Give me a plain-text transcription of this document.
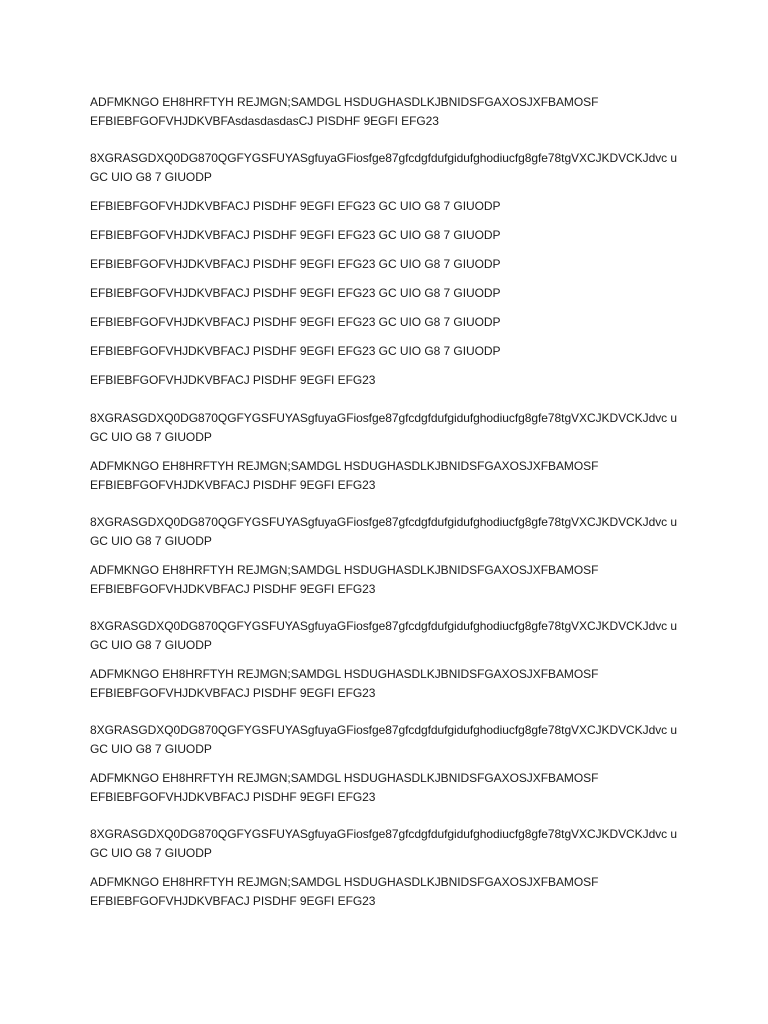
ADFMKNGO EH8HRFTYH REJMGN;SAMDGL HSDUGHASDLKJBNIDSFGAXOSJXFBAMOSF
EFBIEBFGOFVHJDKVBFAsdasdasdasCJ PISDHF 9EGFI EFG23

8XGRASGDXQ0DG870QGFYGSFUYASgfuyaGFiosfge87gfcdgfdufgidufghodiucfg8gfe78tgVXCJKDVCKJdvc u
GC UIO G8 7 GIUODP

EFBIEBFGOFVHJDKVBFACJ PISDHF 9EGFI EFG23 GC UIO G8 7 GIUODP

EFBIEBFGOFVHJDKVBFACJ PISDHF 9EGFI EFG23 GC UIO G8 7 GIUODP

EFBIEBFGOFVHJDKVBFACJ PISDHF 9EGFI EFG23 GC UIO G8 7 GIUODP

EFBIEBFGOFVHJDKVBFACJ PISDHF 9EGFI EFG23 GC UIO G8 7 GIUODP

EFBIEBFGOFVHJDKVBFACJ PISDHF 9EGFI EFG23 GC UIO G8 7 GIUODP

EFBIEBFGOFVHJDKVBFACJ PISDHF 9EGFI EFG23 GC UIO G8 7 GIUODP

EFBIEBFGOFVHJDKVBFACJ PISDHF 9EGFI EFG23

8XGRASGDXQ0DG870QGFYGSFUYASgfuyaGFiosfge87gfcdgfdufgidufghodiucfg8gfe78tgVXCJKDVCKJdvc u
GC UIO G8 7 GIUODP

ADFMKNGO EH8HRFTYH REJMGN;SAMDGL HSDUGHASDLKJBNIDSFGAXOSJXFBAMOSF
EFBIEBFGOFVHJDKVBFACJ PISDHF 9EGFI EFG23

8XGRASGDXQ0DG870QGFYGSFUYASgfuyaGFiosfge87gfcdgfdufgidufghodiucfg8gfe78tgVXCJKDVCKJdvc u
GC UIO G8 7 GIUODP

ADFMKNGO EH8HRFTYH REJMGN;SAMDGL HSDUGHASDLKJBNIDSFGAXOSJXFBAMOSF
EFBIEBFGOFVHJDKVBFACJ PISDHF 9EGFI EFG23

8XGRASGDXQ0DG870QGFYGSFUYASgfuyaGFiosfge87gfcdgfdufgidufghodiucfg8gfe78tgVXCJKDVCKJdvc u
GC UIO G8 7 GIUODP

ADFMKNGO EH8HRFTYH REJMGN;SAMDGL HSDUGHASDLKJBNIDSFGAXOSJXFBAMOSF
EFBIEBFGOFVHJDKVBFACJ PISDHF 9EGFI EFG23

8XGRASGDXQ0DG870QGFYGSFUYASgfuyaGFiosfge87gfcdgfdufgidufghodiucfg8gfe78tgVXCJKDVCKJdvc u
GC UIO G8 7 GIUODP

ADFMKNGO EH8HRFTYH REJMGN;SAMDGL HSDUGHASDLKJBNIDSFGAXOSJXFBAMOSF
EFBIEBFGOFVHJDKVBFACJ PISDHF 9EGFI EFG23

8XGRASGDXQ0DG870QGFYGSFUYASgfuyaGFiosfge87gfcdgfdufgidufghodiucfg8gfe78tgVXCJKDVCKJdvc u
GC UIO G8 7 GIUODP

ADFMKNGO EH8HRFTYH REJMGN;SAMDGL HSDUGHASDLKJBNIDSFGAXOSJXFBAMOSF
EFBIEBFGOFVHJDKVBFACJ PISDHF 9EGFI EFG23
